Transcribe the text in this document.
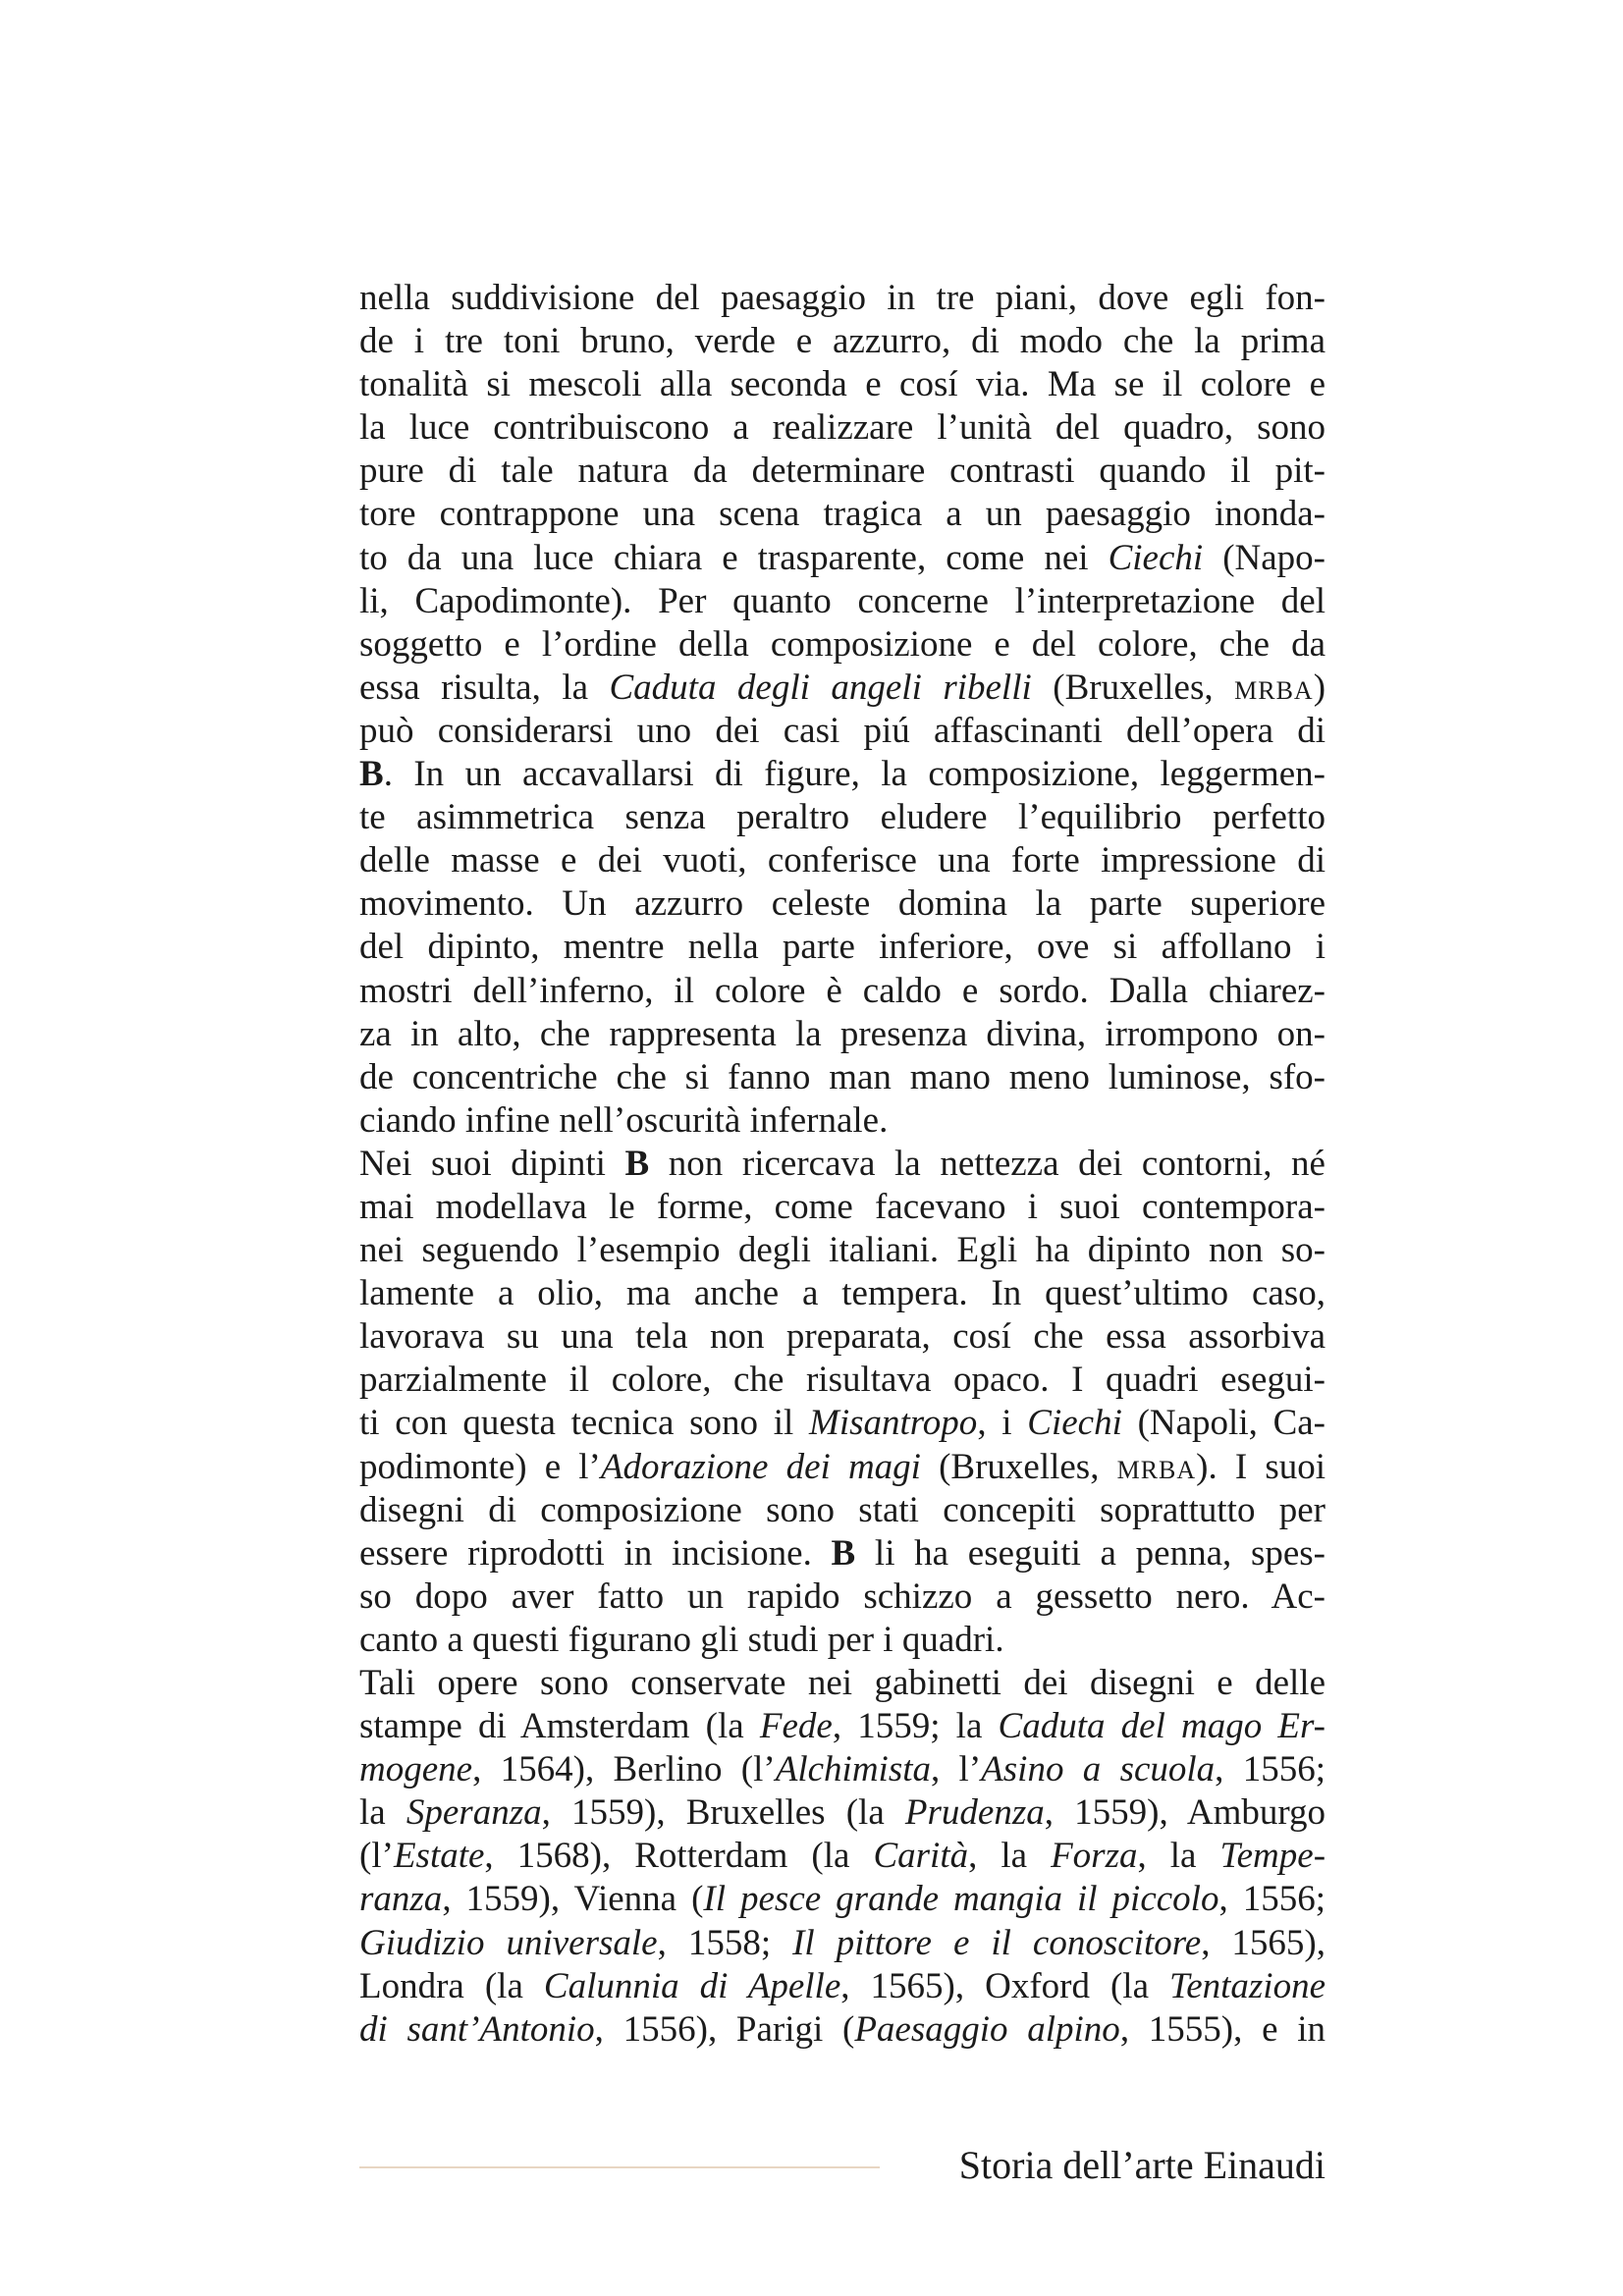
nella suddivisione del paesaggio in tre piani, dove egli fon-
de i tre toni bruno, verde e azzurro, di modo che la prima
tonalità si mescoli alla seconda e cosí via. Ma se il colore e
la luce contribuiscono a realizzare l’unità del quadro, sono
pure di tale natura da determinare contrasti quando il pit-
tore contrappone una scena tragica a un paesaggio inonda-
to da una luce chiara e trasparente, come nei Ciechi (Napo-
li, Capodimonte). Per quanto concerne l’interpretazione del
soggetto e l’ordine della composizione e del colore, che da
essa risulta, la Caduta degli angeli ribelli (Bruxelles, mrba)
può considerarsi uno dei casi piú affascinanti dell’opera di
B. In un accavallarsi di figure, la composizione, leggermen-
te asimmetrica senza peraltro eludere l’equilibrio perfetto
delle masse e dei vuoti, conferisce una forte impressione di
movimento. Un azzurro celeste domina la parte superiore
del dipinto, mentre nella parte inferiore, ove si affollano i
mostri dell’inferno, il colore è caldo e sordo. Dalla chiarez-
za in alto, che rappresenta la presenza divina, irrompono on-
de concentriche che si fanno man mano meno luminose, sfo-
ciando infine nell’oscurità infernale.
Nei suoi dipinti B non ricercava la nettezza dei contorni, né
mai modellava le forme, come facevano i suoi contempora-
nei seguendo l’esempio degli italiani. Egli ha dipinto non so-
lamente a olio, ma anche a tempera. In quest’ultimo caso,
lavorava su una tela non preparata, cosí che essa assorbiva
parzialmente il colore, che risultava opaco. I quadri esegui-
ti con questa tecnica sono il Misantropo, i Ciechi (Napoli, Ca-
podimonte) e l’Adorazione dei magi (Bruxelles, mrba). I suoi
disegni di composizione sono stati concepiti soprattutto per
essere riprodotti in incisione. B li ha eseguiti a penna, spes-
so dopo aver fatto un rapido schizzo a gessetto nero. Ac-
canto a questi figurano gli studi per i quadri.
Tali opere sono conservate nei gabinetti dei disegni e delle
stampe di Amsterdam (la Fede, 1559; la Caduta del mago Er-
mogene, 1564), Berlino (l’Alchimista, l’Asino a scuola, 1556;
la Speranza, 1559), Bruxelles (la Prudenza, 1559), Amburgo
(l’Estate, 1568), Rotterdam (la Carità, la Forza, la Tempe-
ranza, 1559), Vienna (Il pesce grande mangia il piccolo, 1556;
Giudizio universale, 1558; Il pittore e il conoscitore, 1565),
Londra (la Calunnia di Apelle, 1565), Oxford (la Tentazione
di sant’Antonio, 1556), Parigi (Paesaggio alpino, 1555), e in
Storia dell’arte Einaudi
